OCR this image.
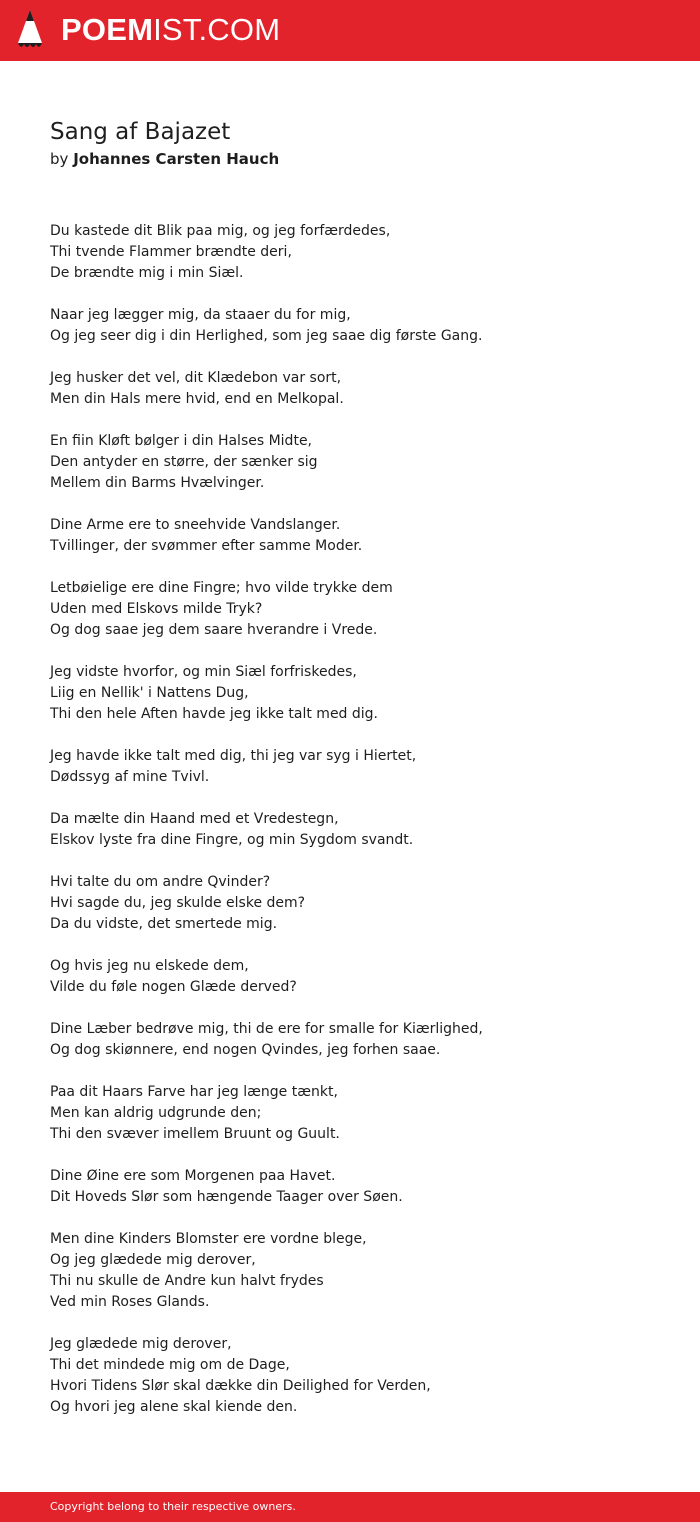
POEMIST.COM
Sang af Bajazet
by Johannes Carsten Hauch
Du kastede dit Blik paa mig, og jeg forfærdedes,
Thi tvende Flammer brændte deri,
De brændte mig i min Siæl.
Naar jeg lægger mig, da staaer du for mig,
Og jeg seer dig i din Herlighed, som jeg saae dig første Gang.
Jeg husker det vel, dit Klædebon var sort,
Men din Hals mere hvid, end en Melkopal.
En fiin Kløft bølger i din Halses Midte,
Den antyder en større, der sænker sig
Mellem din Barms Hvælvinger.
Dine Arme ere to sneehvide Vandslanger.
Tvillinger, der svømmer efter samme Moder.
Letbøielige ere dine Fingre; hvo vilde trykke dem
Uden med Elskovs milde Tryk?
Og dog saae jeg dem saare hverandre i Vrede.
Jeg vidste hvorfor, og min Siæl forfriskedes,
Liig en Nellik' i Nattens Dug,
Thi den hele Aften havde jeg ikke talt med dig.
Jeg havde ikke talt med dig, thi jeg var syg i Hiertet,
Dødssyg af mine Tvivl.
Da mælte din Haand med et Vredestegn,
Elskov lyste fra dine Fingre, og min Sygdom svandt.
Hvi talte du om andre Qvinder?
Hvi sagde du, jeg skulde elske dem?
Da du vidste, det smertede mig.
Og hvis jeg nu elskede dem,
Vilde du føle nogen Glæde derved?
Dine Læber bedrøve mig, thi de ere for smalle for Kiærlighed,
Og dog skiønnere, end nogen Qvindes, jeg forhen saae.
Paa dit Haars Farve har jeg længe tænkt,
Men kan aldrig udgrunde den;
Thi den svæver imellem Bruunt og Guult.
Dine Øine ere som Morgenen paa Havet.
Dit Hoveds Slør som hængende Taager over Søen.
Men dine Kinders Blomster ere vordne blege,
Og jeg glædede mig derover,
Thi nu skulle de Andre kun halvt frydes
Ved min Roses Glands.
Jeg glædede mig derover,
Thi det mindede mig om de Dage,
Hvori Tidens Slør skal dække din Deilighed for Verden,
Og hvori jeg alene skal kiende den.
Copyright belong to their respective owners.
